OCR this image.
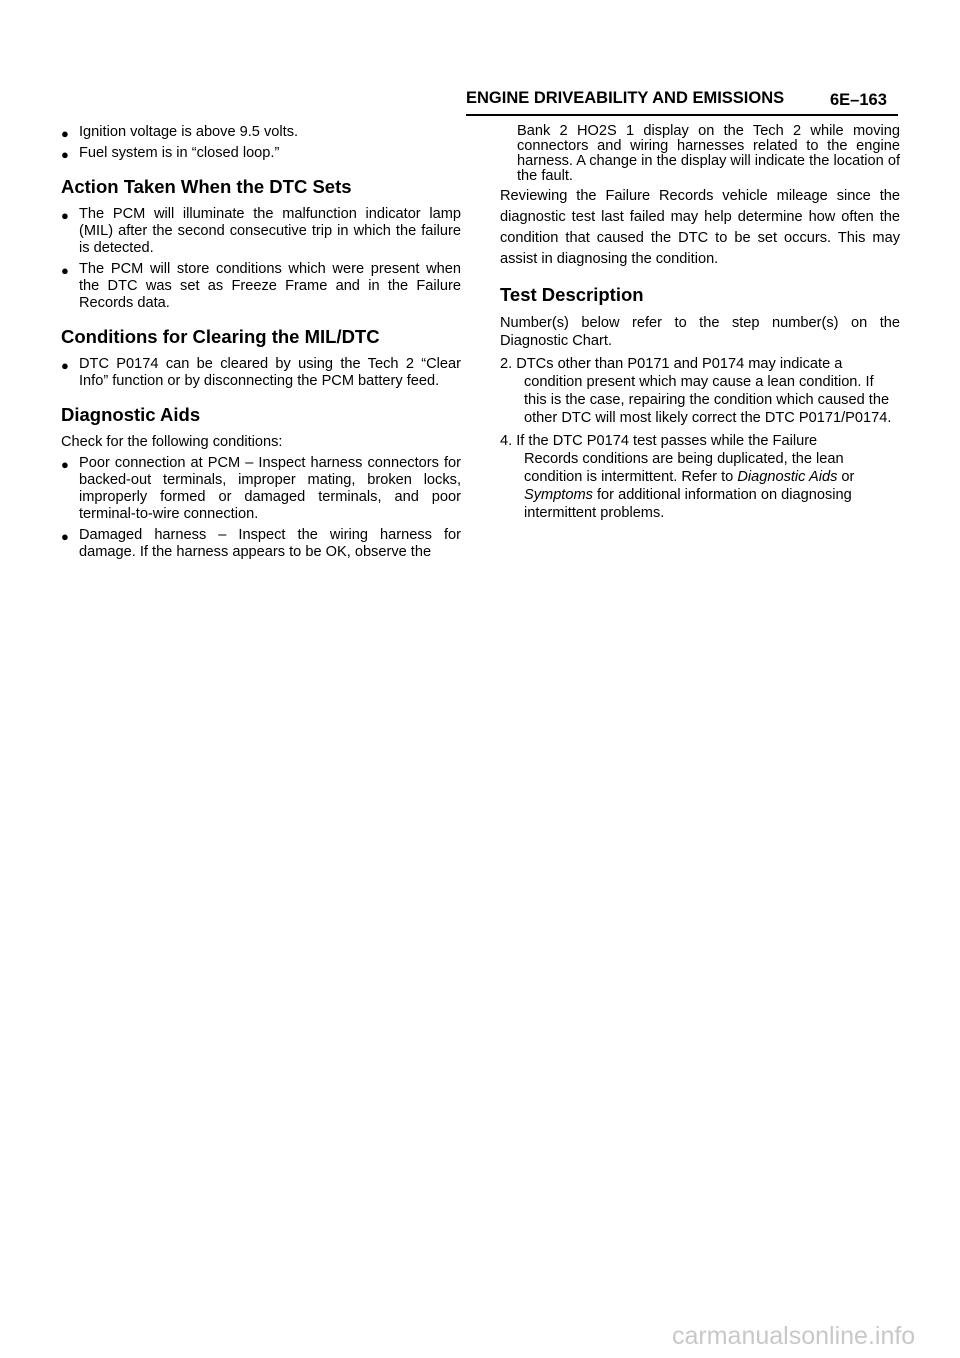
ENGINE DRIVEABILITY AND EMISSIONS	6E–163
● Ignition voltage is above 9.5 volts.
● Fuel system is in “closed loop.”
Action Taken When the DTC Sets
● The PCM will illuminate the malfunction indicator lamp (MIL) after the second consecutive trip in which the failure is detected.
● The PCM will store conditions which were present when the DTC was set as Freeze Frame and in the Failure Records data.
Conditions for Clearing the MIL/DTC
● DTC P0174 can be cleared by using the Tech 2 “Clear Info” function or by disconnecting the PCM battery feed.
Diagnostic Aids

Check for the following conditions:

● Poor connection at PCM – Inspect harness connectors for backed-out terminals, improper mating, broken locks, improperly formed or damaged terminals, and poor terminal-to-wire connection.
● Damaged harness – Inspect the wiring harness for damage. If the harness appears to be OK, observe the
Bank 2 HO2S 1 display on the Tech 2 while moving connectors and wiring harnesses related to the engine harness. A change in the display will indicate the location of the fault.

Reviewing the Failure Records vehicle mileage since the diagnostic test last failed may help determine how often the condition that caused the DTC to be set occurs. This may assist in diagnosing the condition.

Test Description

Number(s) below refer to the step number(s) on the Diagnostic Chart.

2. DTCs other than P0171 and P0174 may indicate a
condition present which may cause a lean condition. If this is the case, repairing the condition which caused the other DTC will most likely correct the DTC P0171/P0174.
4. If the DTC P0174 test passes while the Failure
Records conditions are being duplicated, the lean condition is intermittent. Refer to Diagnostic Aids or Symptoms for additional information on diagnosing intermittent problems.
carmanualsonline.info
